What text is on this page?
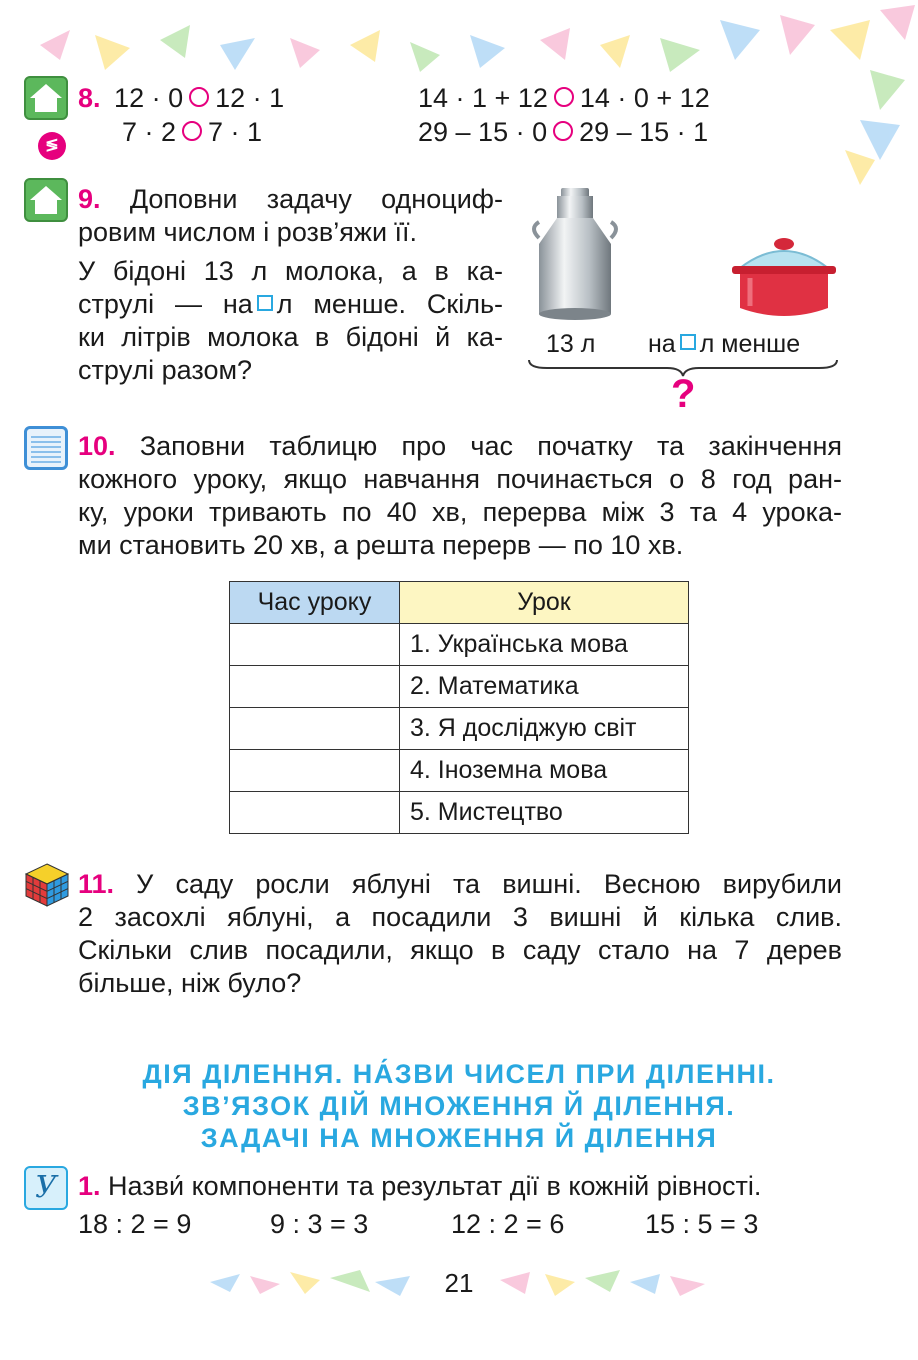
≶
8. 12 · 0 12 · 1
7 · 2 7 · 1
14 · 1 + 12 14 · 0 + 12
29 – 15 · 0 29 – 15 · 1
9. Доповни задачу одноциф-
ровим числом і розв’яжи її.
У бідоні 13 л молока, а в ка-
стрyлі — на л менше. Скіль-
ки літрів молока в бідоні й ка-
стрyлі разом?
13 л на л менше
?
10. Заповни таблицю про час початку та закінчення
кожного уроку, якщо навчання починається о 8 год ран-
ку, уроки тривають по 40 хв, перерва між 3 та 4 урока-
ми становить 20 хв, а решта перерв — по 10 хв.
Час уроку	Урок
	1. Українська мова
	2. Математика
	3. Я досліджую світ
	4. Іноземна мова
	5. Мистецтво
11. У саду росли яблуні та вишні. Весною вирубили
2 засохлі яблуні, а посадили 3 вишні й кілька слив.
Скільки слив посадили, якщо в саду стало на 7 дерев
більше, ніж було?
ДІЯ ДІЛЕННЯ. НА́ЗВИ ЧИСЕЛ ПРИ ДІЛЕННІ.
ЗВ’ЯЗОК ДІЙ МНОЖЕННЯ Й ДІЛЕННЯ.
ЗАДАЧІ НА МНОЖЕННЯ Й ДІЛЕННЯ
У 1. Назви́ компоненти та результат дії в кожній рівності.
18 : 2 = 9	9 : 3 = 3	12 : 2 = 6	15 : 5 = 3
21
